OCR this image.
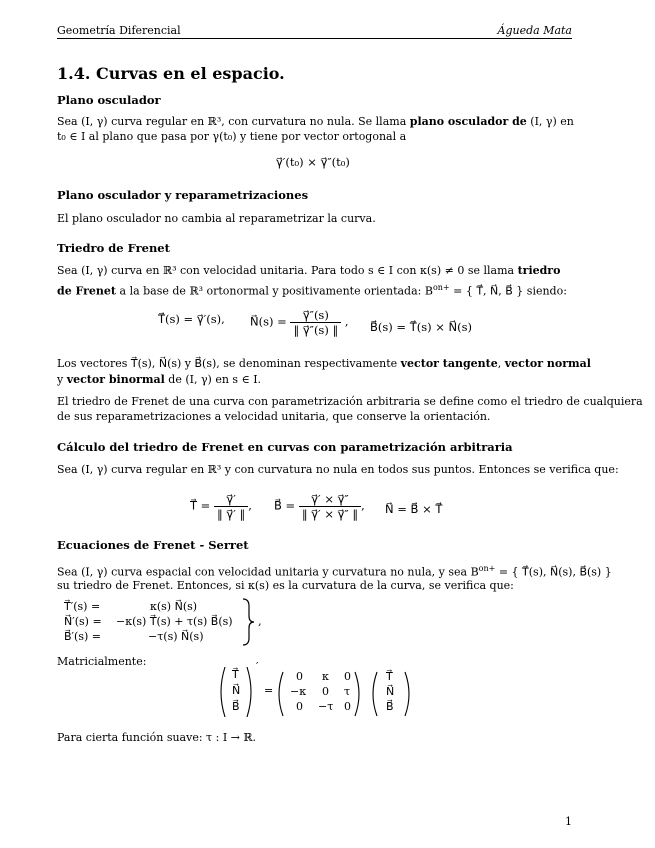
Geometría Diferencial	Águeda Mata
1.4. Curvas en el espacio.
Plano osculador
Sea (I, γ) curva regular en ℝ³, con curvatura no nula. Se llama plano osculador de (I, γ) en
t₀ ∈ I al plano que pasa por γ(t₀) y tiene por vector ortogonal a
γ⃗′(t₀) × γ⃗″(t₀)
Plano osculador y reparametrizaciones
El plano osculador no cambia al reparametrizar la curva.
Triedro de Frenet
Sea (I, γ) curva en ℝ³ con velocidad unitaria. Para todo s ∈ I con κ(s) ≠ 0 se llama triedro
de Frenet a la base de ℝ³ ortonormal y positivamente orientada: $B^{on+}$ = { T⃗, N⃗, B⃗ } siendo:
T⃗(s) = γ⃗′(s), N⃗(s) = $\frac{\gamma⃗''(s)}{‖ \gamma⃗''(s) ‖}$ , B⃗(s) = T⃗(s) × N⃗(s)
Los vectores T⃗(s), N⃗(s) y B⃗(s), se denominan respectivamente vector tangente, vector normal
y vector binormal de (I, γ) en s ∈ I.
El triedro de Frenet de una curva con parametrización arbitraria se define como el triedro de cualquiera
de sus reparametrizaciones a velocidad unitaria, que conserve la orientación.
Cálculo del triedro de Frenet en curvas con parametrización arbitraria
Sea (I, γ) curva regular en ℝ³ y con curvatura no nula en todos sus puntos. Entonces se verifica que:
T⃗ = $\frac{\gamma⃗'}{‖ \gamma⃗' ‖}$ , B⃗ = $\frac{\gamma⃗' \times \gamma⃗''}{‖ \gamma⃗' \times \gamma⃗'' ‖}$ , N⃗ = B⃗ × T⃗
Ecuaciones de Frenet - Serret
Sea (I, γ) curva espacial con velocidad unitaria y curvatura no nula, y sea $B^{on+}$ = { T⃗(s), N⃗(s), B⃗(s) }
su triedro de Frenet. Entonces, si κ(s) es la curvatura de la curva, se verifica que:
T⃗′(s) =	κ(s) N⃗(s)
N⃗′(s) = −κ(s) T⃗(s) + τ(s) B⃗(s)
B⃗′(s) =	−τ(s) N⃗(s)
,
Matricialmente:
T⃗
N⃗
B⃗
′
=
0 κ 0
−κ 0 τ
0 −τ 0
T⃗
N⃗
B⃗
Para cierta función suave: τ : I → ℝ.
1
